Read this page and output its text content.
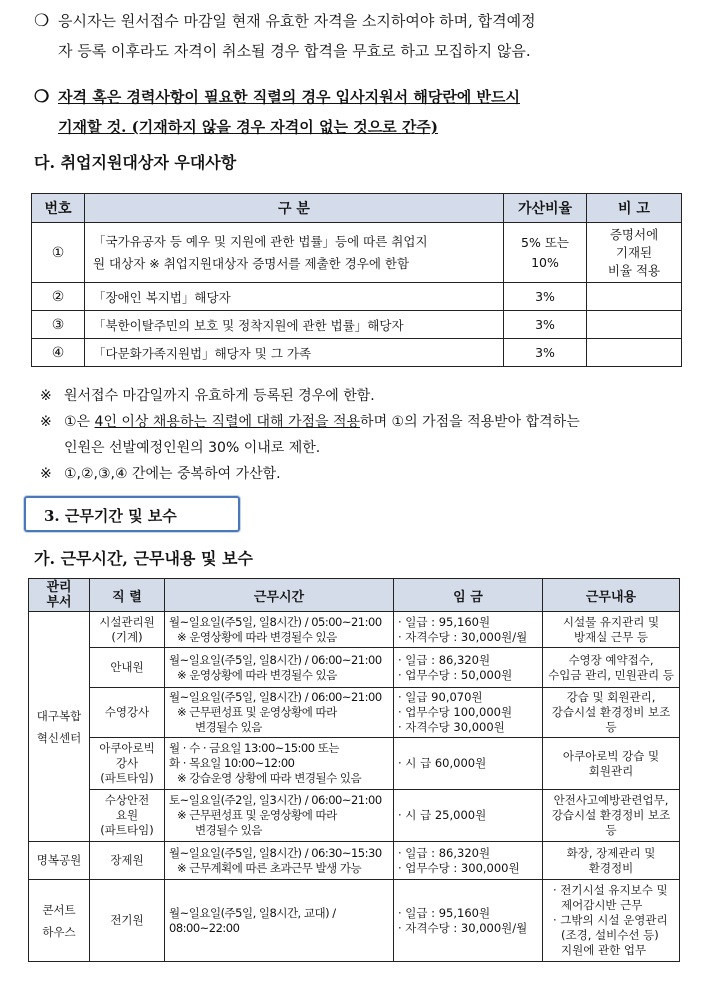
❍ 응시자는 원서접수 마감일 현재 유효한 자격을 소지하여야 하며, 합격예정
자 등록 이후라도 자격이 취소될 경우 합격을 무효로 하고 모집하지 않음.
❍ 자격 혹은 경력사항이 필요한 직렬의 경우 입사지원서 해당란에 반드시
기재할 것. (기재하지 않을 경우 자격이 없는 것으로 간주)
다. 취업지원대상자 우대사항
번호	구 분	가산비율	비 고
①	「국가유공자 등 예우 및 지원에 관한 법률」등에 따른 취업지
원 대상자 ※ 취업지원대상자 증명서를 제출한 경우에 한함	5% 또는
10%	증명서에
기재된
비율 적용

②	「장애인 복지법」해당자	3%	
③	「북한이탈주민의 보호 및 정착지원에 관한 법률」해당자	3%	
④	「다문화가족지원법」해당자 및 그 가족	3%	
※ 원서접수 마감일까지 유효하게 등록된 경우에 한함.
※ ①은 4인 이상 채용하는 직렬에 대해 가점을 적용하며 ①의 가점을 적용받아 합격하는
인원은 선발예정인원의 30% 이내로 제한.
※ ①,②,③,④ 간에는 중복하여 가산함.
3. 근무기간 및 보수
가. 근무시간, 근무내용 및 보수
관리
부서	직 렬	근무시간	임 금	근무내용

대구복합
혁신센터	시설관리원
(기계)	월~일요일(주5일, 일8시간) / 05:00~21:00
※ 운영상황에 따라 변경될수 있음	· 일급 : 95,160원
· 자격수당 : 30,000원/월	시설물 유지관리 및
방재실 근무 등

	안내원	월~일요일(주5일, 일8시간) / 06:00~21:00
※ 운영상황에 따라 변경될수 있음	· 일급 : 86,320원
· 업무수당 : 50,000원	수영장 예약접수,
수입금 관리, 민원관리 등

	수영강사	월~일요일(주5일, 일8시간) / 06:00~21:00
※ 근무편성표 및 운영상황에 따라
변경될수 있음	· 일급 90,070원
· 업무수당 100,000원
· 자격수당 30,000원	강습 및 회원관리,
강습시설 환경정비 보조 등

	아쿠아로빅
강사
(파트타임)	월 · 수 · 금요일 13:00~15:00 또는
화 · 목요일 10:00~12:00
※ 강습운영 상황에 따라 변경될수 있음	· 시 급 60,000원	아쿠아로빅 강습 및
회원관리

	수상안전
요원
(파트타임)	토~일요일(주2일, 일3시간) / 06:00~21:00
※ 근무편성표 및 운영상황에 따라
변경될수 있음	· 시 급 25,000원	안전사고예방관련업무,
강습시설 환경정비 보조 등

명복공원	장제원	월~일요일(주5일, 일8시간) / 06:30~15:30
※ 근무계획에 따른 초과근무 발생 가능	· 일급 : 86,320원
· 업무수당 : 300,000원	화장, 장제관리 및
환경정비

콘서트
하우스	전기원	월~일요일(주5일, 일8시간, 교대) / 08:00~22:00	· 일급 : 95,160원
· 자격수당 : 30,000원/월	· 전기시설 유지보수 및
제어감시반 근무
· 그밖의 시설 운영관리
(조경, 설비수선 등)
지원에 관한 업무
